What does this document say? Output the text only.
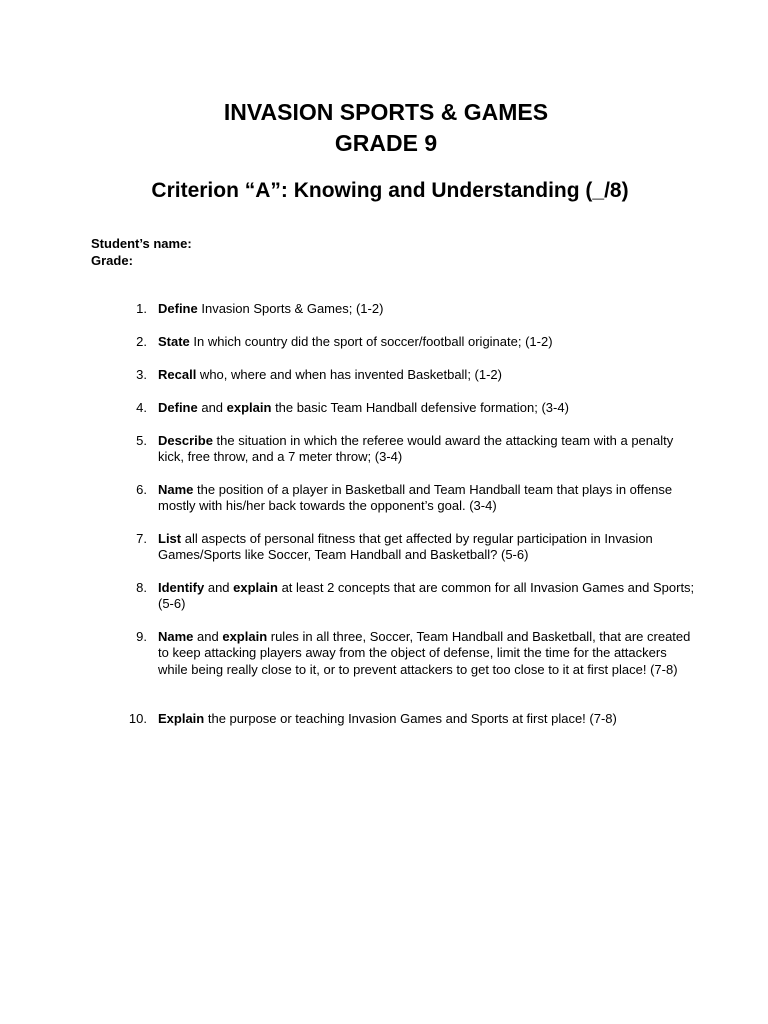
INVASION SPORTS & GAMES
GRADE 9
Criterion “A”: Knowing and Understanding (_/8)
Student’s name:
Grade:
1. Define Invasion Sports & Games; (1-2)
2. State In which country did the sport of soccer/football originate; (1-2)
3. Recall who, where and when has invented Basketball; (1-2)
4. Define and explain the basic Team Handball defensive formation; (3-4)
5. Describe the situation in which the referee would award the attacking team with a penalty kick, free throw, and a 7 meter throw; (3-4)
6. Name the position of a player in Basketball and Team Handball team that plays in offense mostly with his/her back towards the opponent’s goal. (3-4)
7. List all aspects of personal fitness that get affected by regular participation in Invasion Games/Sports like Soccer, Team Handball and Basketball? (5-6)
8. Identify and explain at least 2 concepts that are common for all Invasion Games and Sports; (5-6)
9. Name and explain rules in all three, Soccer, Team Handball and Basketball, that are created to keep attacking players away from the object of defense, limit the time for the attackers while being really close to it, or to prevent attackers to get too close to it at first place! (7-8)
10. Explain the purpose or teaching Invasion Games and Sports at first place! (7-8)
